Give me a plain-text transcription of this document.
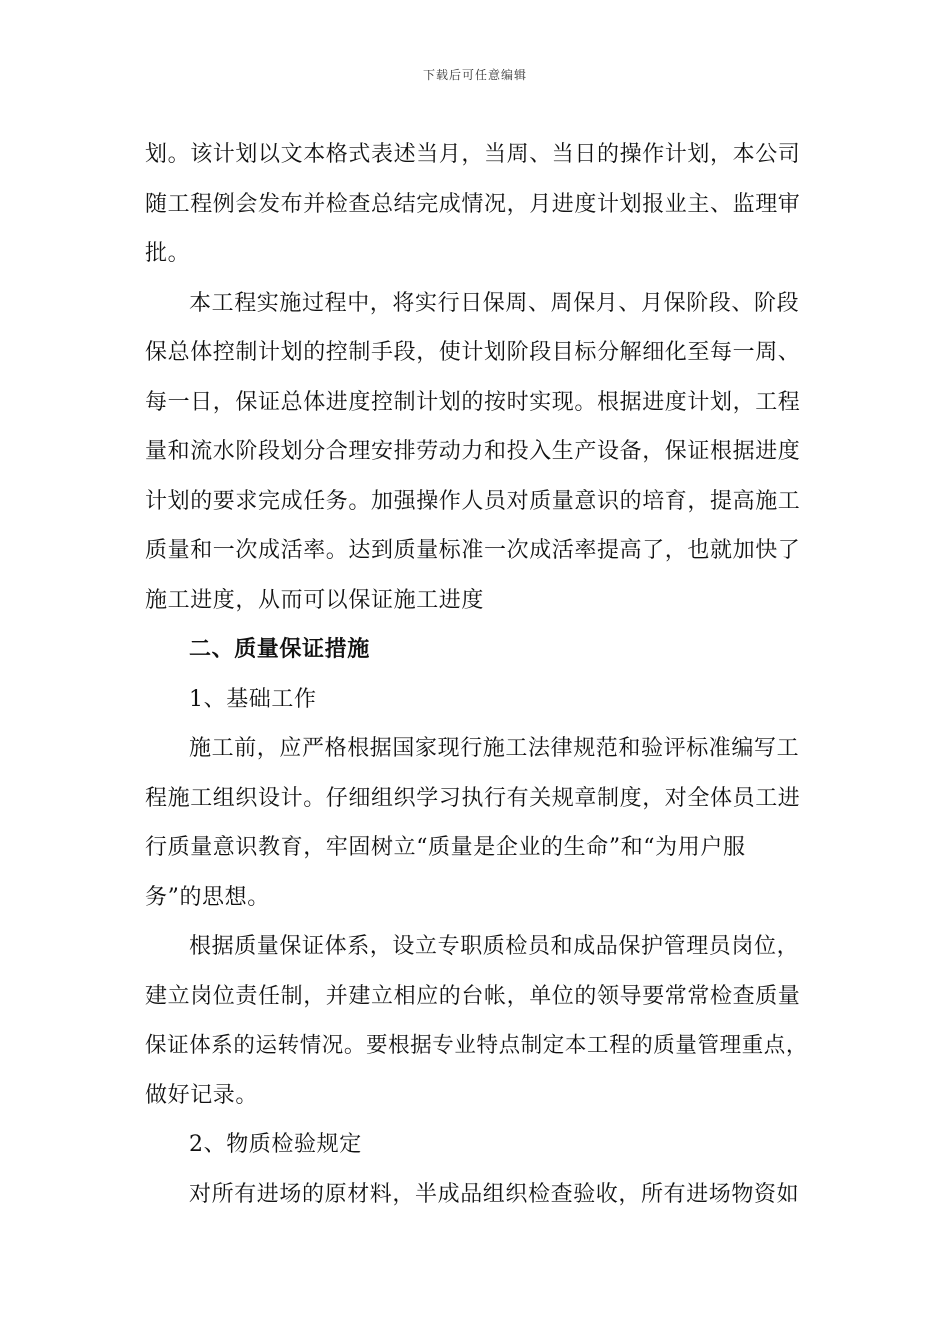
下载后可任意编辑
划。该计划以文本格式表述当月，当周、当日的操作计划，本公司
随工程例会发布并检查总结完成情况，月进度计划报业主、监理审
批。
本工程实施过程中，将实行日保周、周保月、月保阶段、阶段
保总体控制计划的控制手段，使计划阶段目标分解细化至每一周、
每一日，保证总体进度控制计划的按时实现。根据进度计划，工程
量和流水阶段划分合理安排劳动力和投入生产设备，保证根据进度
计划的要求完成任务。加强操作人员对质量意识的培育，提高施工
质量和一次成活率。达到质量标准一次成活率提高了，也就加快了
施工进度，从而可以保证施工进度
二、质量保证措施
1、基础工作
施工前，应严格根据国家现行施工法律规范和验评标准编写工
程施工组织设计。仔细组织学习执行有关规章制度，对全体员工进
行质量意识教育，牢固树立“质量是企业的生命”和“为用户服
务”的思想。
根据质量保证体系，设立专职质检员和成品保护管理员岗位，
建立岗位责任制，并建立相应的台帐，单位的领导要常常检查质量
保证体系的运转情况。要根据专业特点制定本工程的质量管理重点，
做好记录。
2、物质检验规定
对所有进场的原材料，半成品组织检查验收，所有进场物资如
